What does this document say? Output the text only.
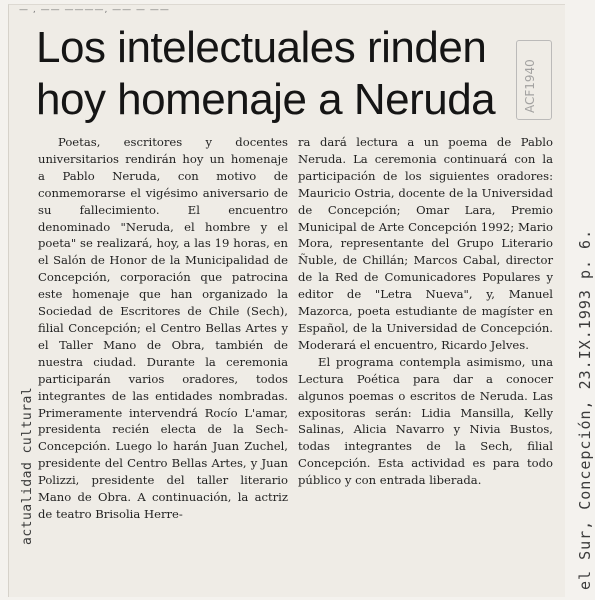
— , —— ————, —— — ——
Los intelectuales rinden
hoy homenaje a Neruda	ACF1940

Poetas, escritores y docentes universitarios rendirán hoy un homenaje a Pablo Neruda, con motivo de conmemorarse el vigésimo aniversario de su fallecimiento. El encuentro denominado "Neruda, el hombre y el poeta" se realizará, hoy, a las 19 horas, en el Salón de Honor de la Municipalidad de Concepción, corporación que patrocina este homenaje que han organizado la Sociedad de Escritores de Chile (Sech), filial Concepción; el Centro Bellas Artes y el Taller Mano de Obra, también de nuestra ciudad. Durante la ceremonia participarán varios oradores, todos integrantes de las entidades nombradas. Primeramente intervendrá Rocío L'amar, presidenta recién electa de la Sech-Concepción. Luego lo harán Juan Zuchel, presidente del Centro Bellas Artes, y Juan Polizzi, presidente del taller literario Mano de Obra. A continuación, la actriz de teatro Brisolia Herre-

ra dará lectura a un poema de Pablo Neruda. La ceremonia continuará con la participación de los siguientes oradores: Mauricio Ostria, docente de la Universidad de Concepción; Omar Lara, Premio Municipal de Arte Concepción 1992; Mario Mora, representante del Grupo Literario Ñuble, de Chillán; Marcos Cabal, director de la Red de Comunicadores Populares y editor de "Letra Nueva", y, Manuel Mazorca, poeta estudiante de magíster en Español, de la Universidad de Concepción. Moderará el encuentro, Ricardo Jelves.

El programa contempla asimismo, una Lectura Poética para dar a conocer algunos poemas o escritos de Neruda. Las expositoras serán: Lidia Mansilla, Kelly Salinas, Alicia Navarro y Nivia Bustos, todas integrantes de la Sech, filial Concepción. Esta actividad es para todo público y con entrada liberada.

actualidad cultural	el Sur, Concepción, 23.IX.1993 p. 6.
